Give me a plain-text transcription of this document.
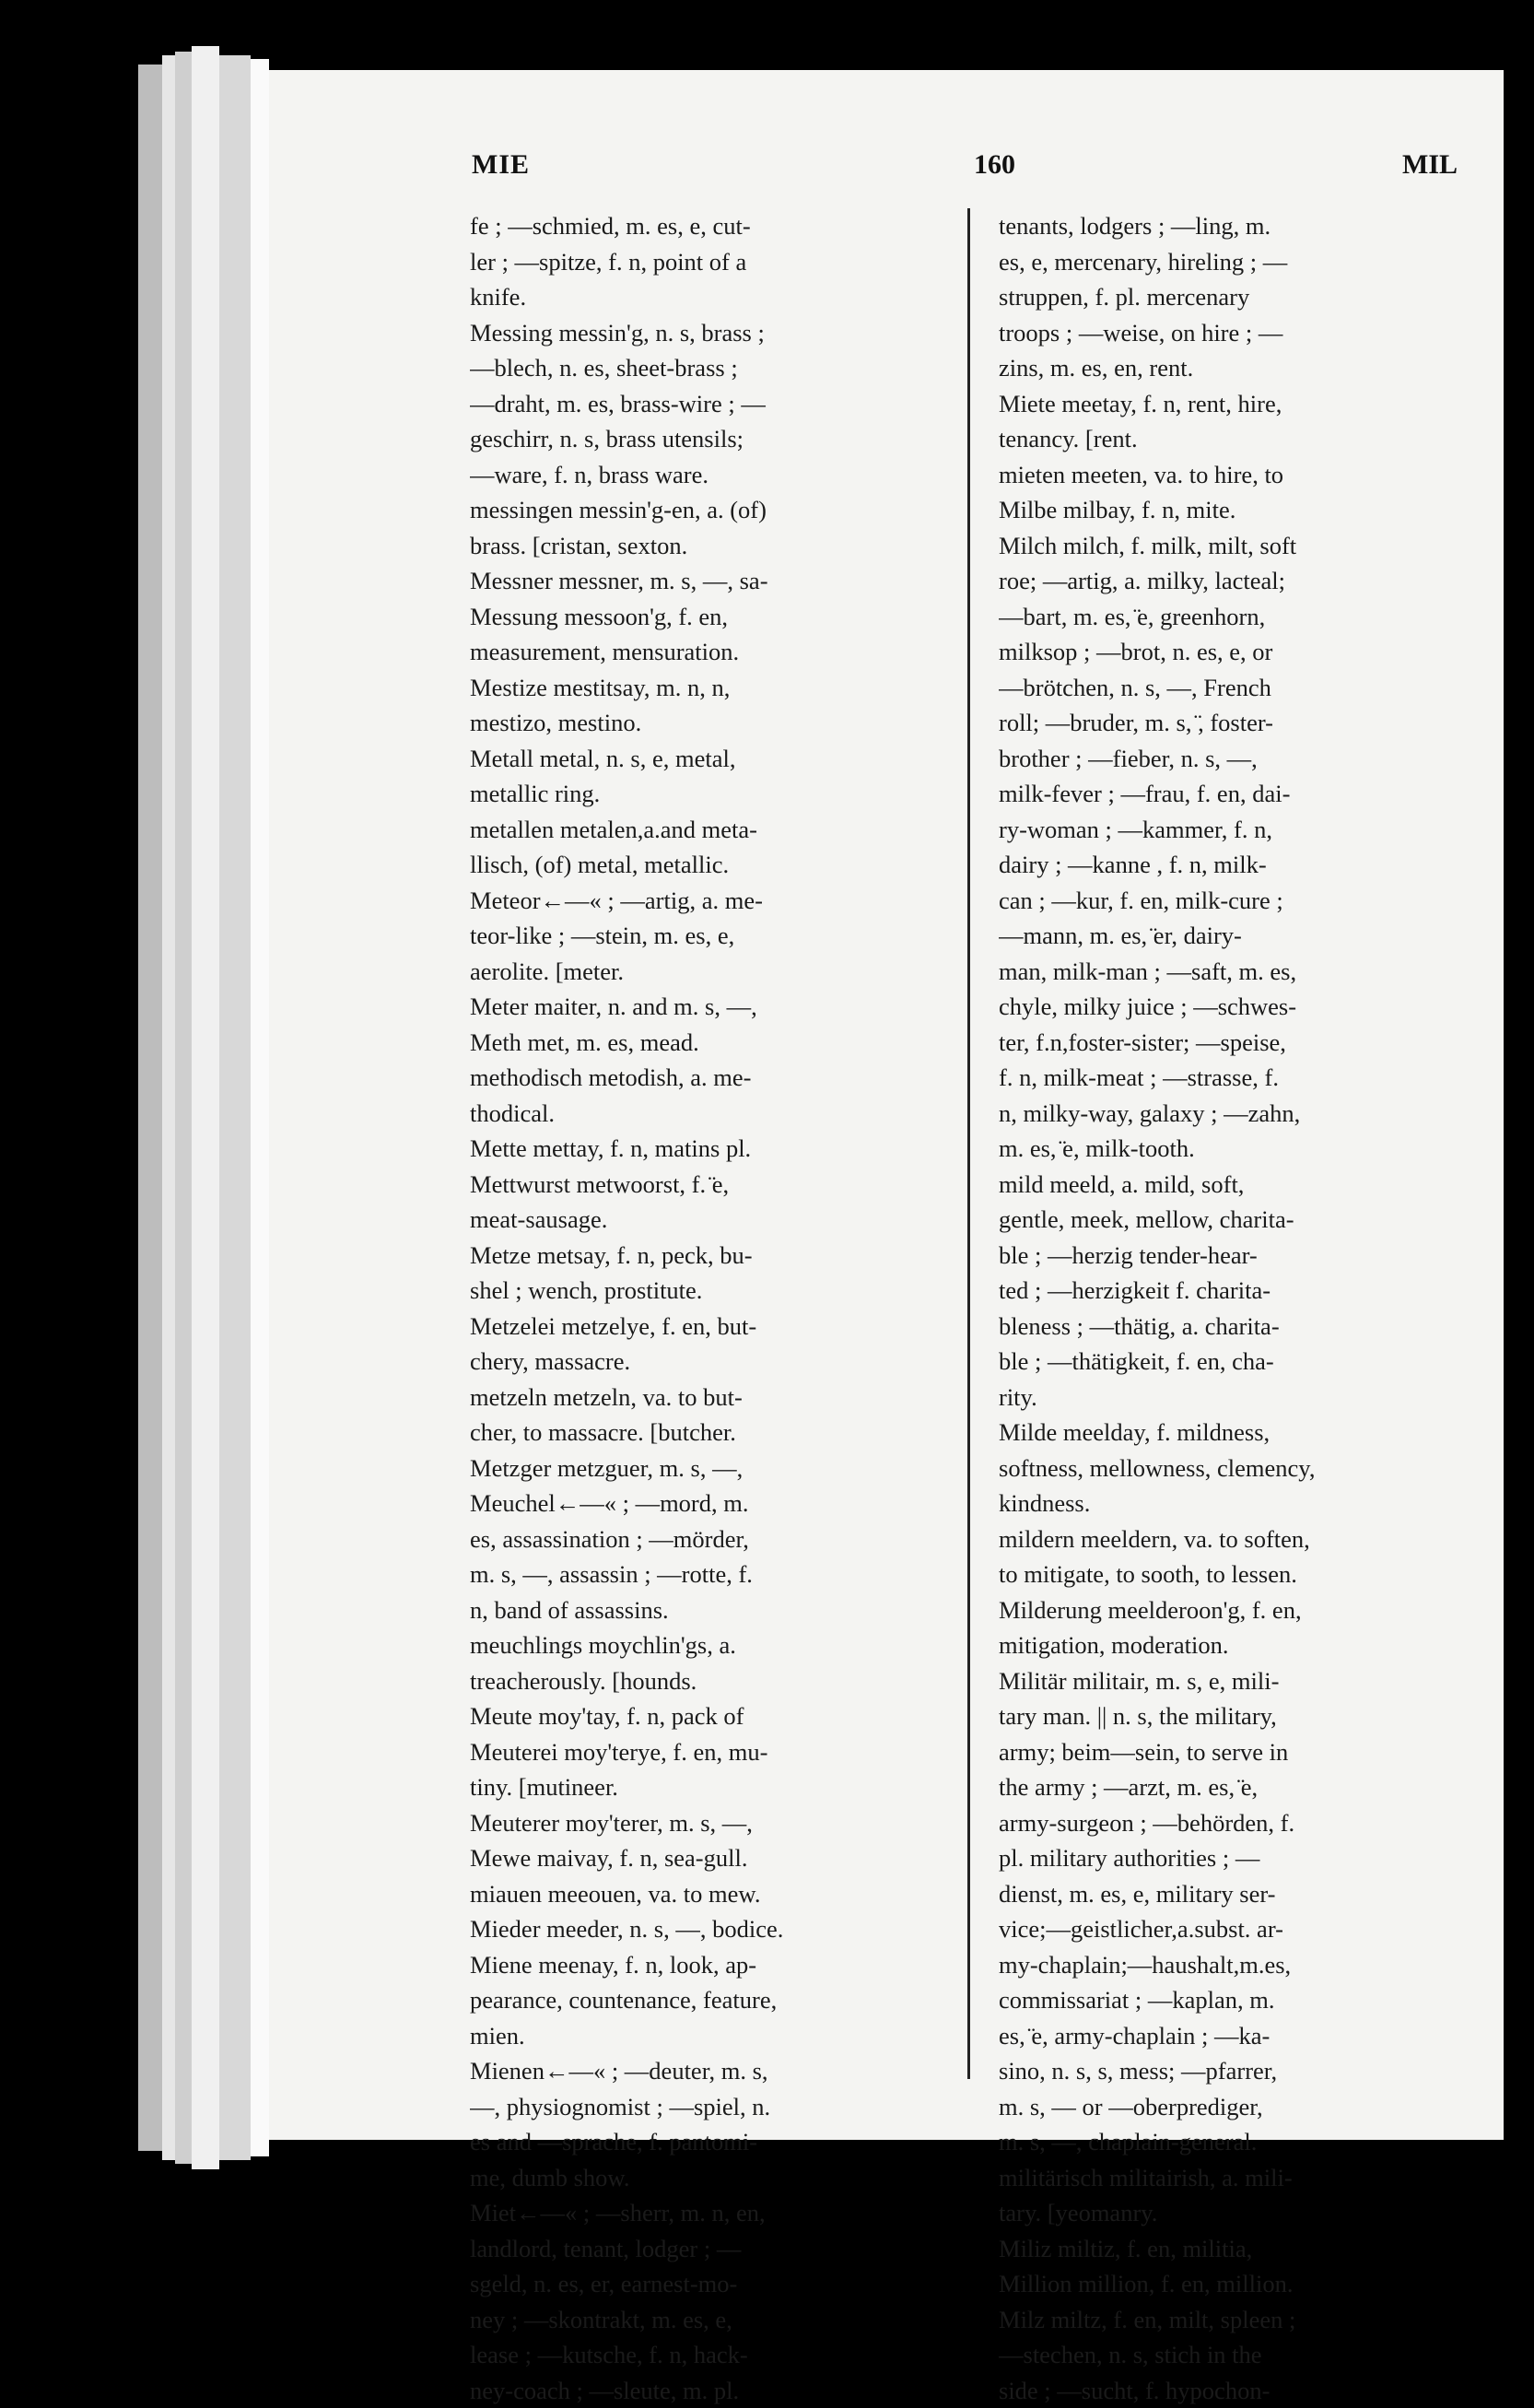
MIE	160	MIL
fe ; —schmied, m. es, e, cut-
ler ; —spitze, f. n, point of a
knife.
Messing messin'g, n. s, brass ;
—blech, n. es, sheet-brass ;
—draht, m. es, brass-wire ; —
geschirr, n. s, brass utensils;
—ware, f. n, brass ware.
messingen messin'g-en, a. (of)
brass. [cristan, sexton.
Messner messner, m. s, —, sa-
Messung messoon'g, f. en,
measurement, mensuration.
Mestize mestitsay, m. n, n,
mestizo, mestino.
Metall metal, n. s, e, metal,
metallic ring.
metallen metalen,a.and meta-
llisch, (of) metal, metallic.
Meteor←—« ; —artig, a. me-
teor-like ; —stein, m. es, e,
aerolite. [meter.
Meter maiter, n. and m. s, —,
Meth met, m. es, mead.
methodisch metodish, a. me-
thodical.
Mette mettay, f. n, matins pl.
Mettwurst metwoorst, f. ̈e,
meat-sausage.
Metze metsay, f. n, peck, bu-
shel ; wench, prostitute.
Metzelei metzelye, f. en, but-
chery, massacre.
metzeln metzeln, va. to but-
cher, to massacre. [butcher.
Metzger metzguer, m. s, —,
Meuchel←—« ; —mord, m.
es, assassination ; —mörder,
m. s, —, assassin ; —rotte, f.
n, band of assassins.
meuchlings moychlin'gs, a.
treacherously. [hounds.
Meute moy'tay, f. n, pack of
Meuterei moy'terye, f. en, mu-
tiny. [mutineer.
Meuterer moy'terer, m. s, —,
Mewe maivay, f. n, sea-gull.
miauen meeouen, va. to mew.
Mieder meeder, n. s, —, bodice.
Miene meenay, f. n, look, ap-
pearance, countenance, feature,
mien.
Mienen←—« ; —deuter, m. s,
—, physiognomist ; —spiel, n.
es and —sprache, f. pantomi-
me, dumb show.
Miet←—« ; —sherr, m. n, en,
landlord, tenant, lodger ; —
sgeld, n. es, er, earnest-mo-
ney ; —skontrakt, m. es, e,
lease ; —kutsche, f. n, hack-
ney-coach ; —sleute, m. pl.
tenants, lodgers ; —ling, m.
es, e, mercenary, hireling ; —
struppen, f. pl. mercenary
troops ; —weise, on hire ; —
zins, m. es, en, rent.
Miete meetay, f. n, rent, hire,
tenancy. [rent.
mieten meeten, va. to hire, to
Milbe milbay, f. n, mite.
Milch milch, f. milk, milt, soft
roe; —artig, a. milky, lacteal;
—bart, m. es, ̈e, greenhorn,
milksop ; —brot, n. es, e, or
—brötchen, n. s, —, French
roll; —bruder, m. s, ̈, foster-
brother ; —fieber, n. s, —,
milk-fever ; —frau, f. en, dai-
ry-woman ; —kammer, f. n,
dairy ; —kanne , f. n, milk-
can ; —kur, f. en, milk-cure ;
—mann, m. es, ̈er, dairy-
man, milk-man ; —saft, m. es,
chyle, milky juice ; —schwes-
ter, f.n,foster-sister; —speise,
f. n, milk-meat ; —strasse, f.
n, milky-way, galaxy ; —zahn,
m. es, ̈e, milk-tooth.
mild meeld, a. mild, soft,
gentle, meek, mellow, charita-
ble ; —herzig tender-hear-
ted ; —herzigkeit f. charita-
bleness ; —thätig, a. charita-
ble ; —thätigkeit, f. en, cha-
rity.
Milde meelday, f. mildness,
softness, mellowness, clemency,
kindness.
mildern meeldern, va. to soften,
to mitigate, to sooth, to lessen.
Milderung meelderoon'g, f. en,
mitigation, moderation.
Militär militair, m. s, e, mili-
tary man. || n. s, the military,
army; beim—sein, to serve in
the army ; —arzt, m. es, ̈e,
army-surgeon ; —behörden, f.
pl. military authorities ; —
dienst, m. es, e, military ser-
vice;—geistlicher,a.subst. ar-
my-chaplain;—haushalt,m.es,
commissariat ; —kaplan, m.
es, ̈e, army-chaplain ; —ka-
sino, n. s, s, mess; —pfarrer,
m. s, — or —oberprediger,
m. s, —, chaplain-general.
militärisch militairish, a. mili-
tary. [yeomanry.
Miliz miltiz, f. en, militia,
Million million, f. en, million.
Milz miltz, f. en, milt, spleen ;
—stechen, n. s, stich in the
side ; —sucht, f. hypochon-
